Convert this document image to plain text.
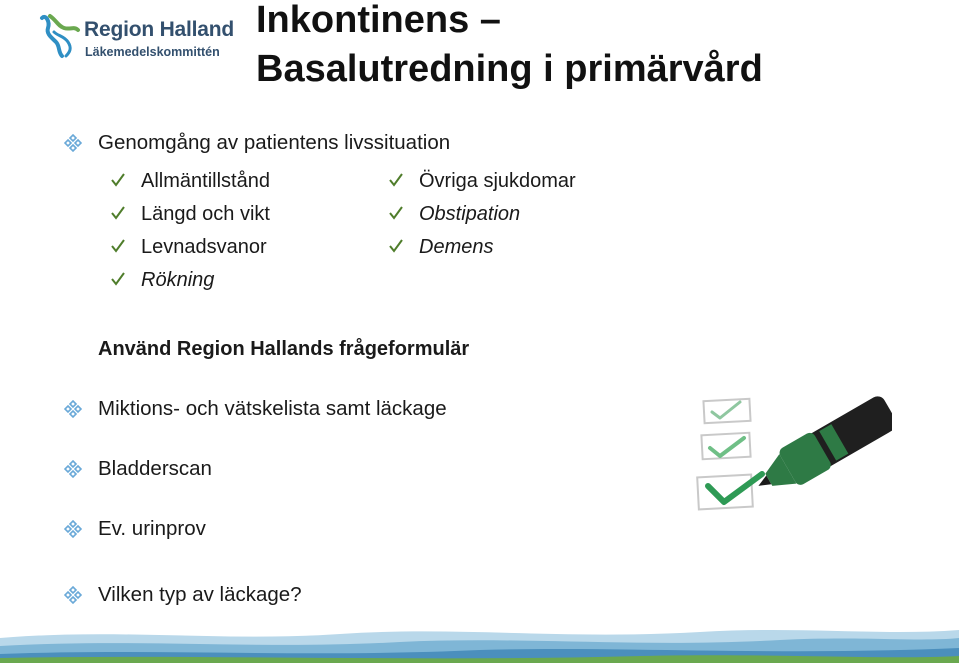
Region Halland
Läkemedelskommittén
Inkontinens –
Basalutredning i primärvård
Genomgång av patientens livssituation
Allmäntillstånd
Längd och vikt
Levnadsvanor
Rökning
Övriga sjukdomar
Obstipation
Demens
Använd Region Hallands frågeformulär
Miktions- och vätskelista samt läckage
Bladderscan
Ev. urinprov
Vilken typ av läckage?
